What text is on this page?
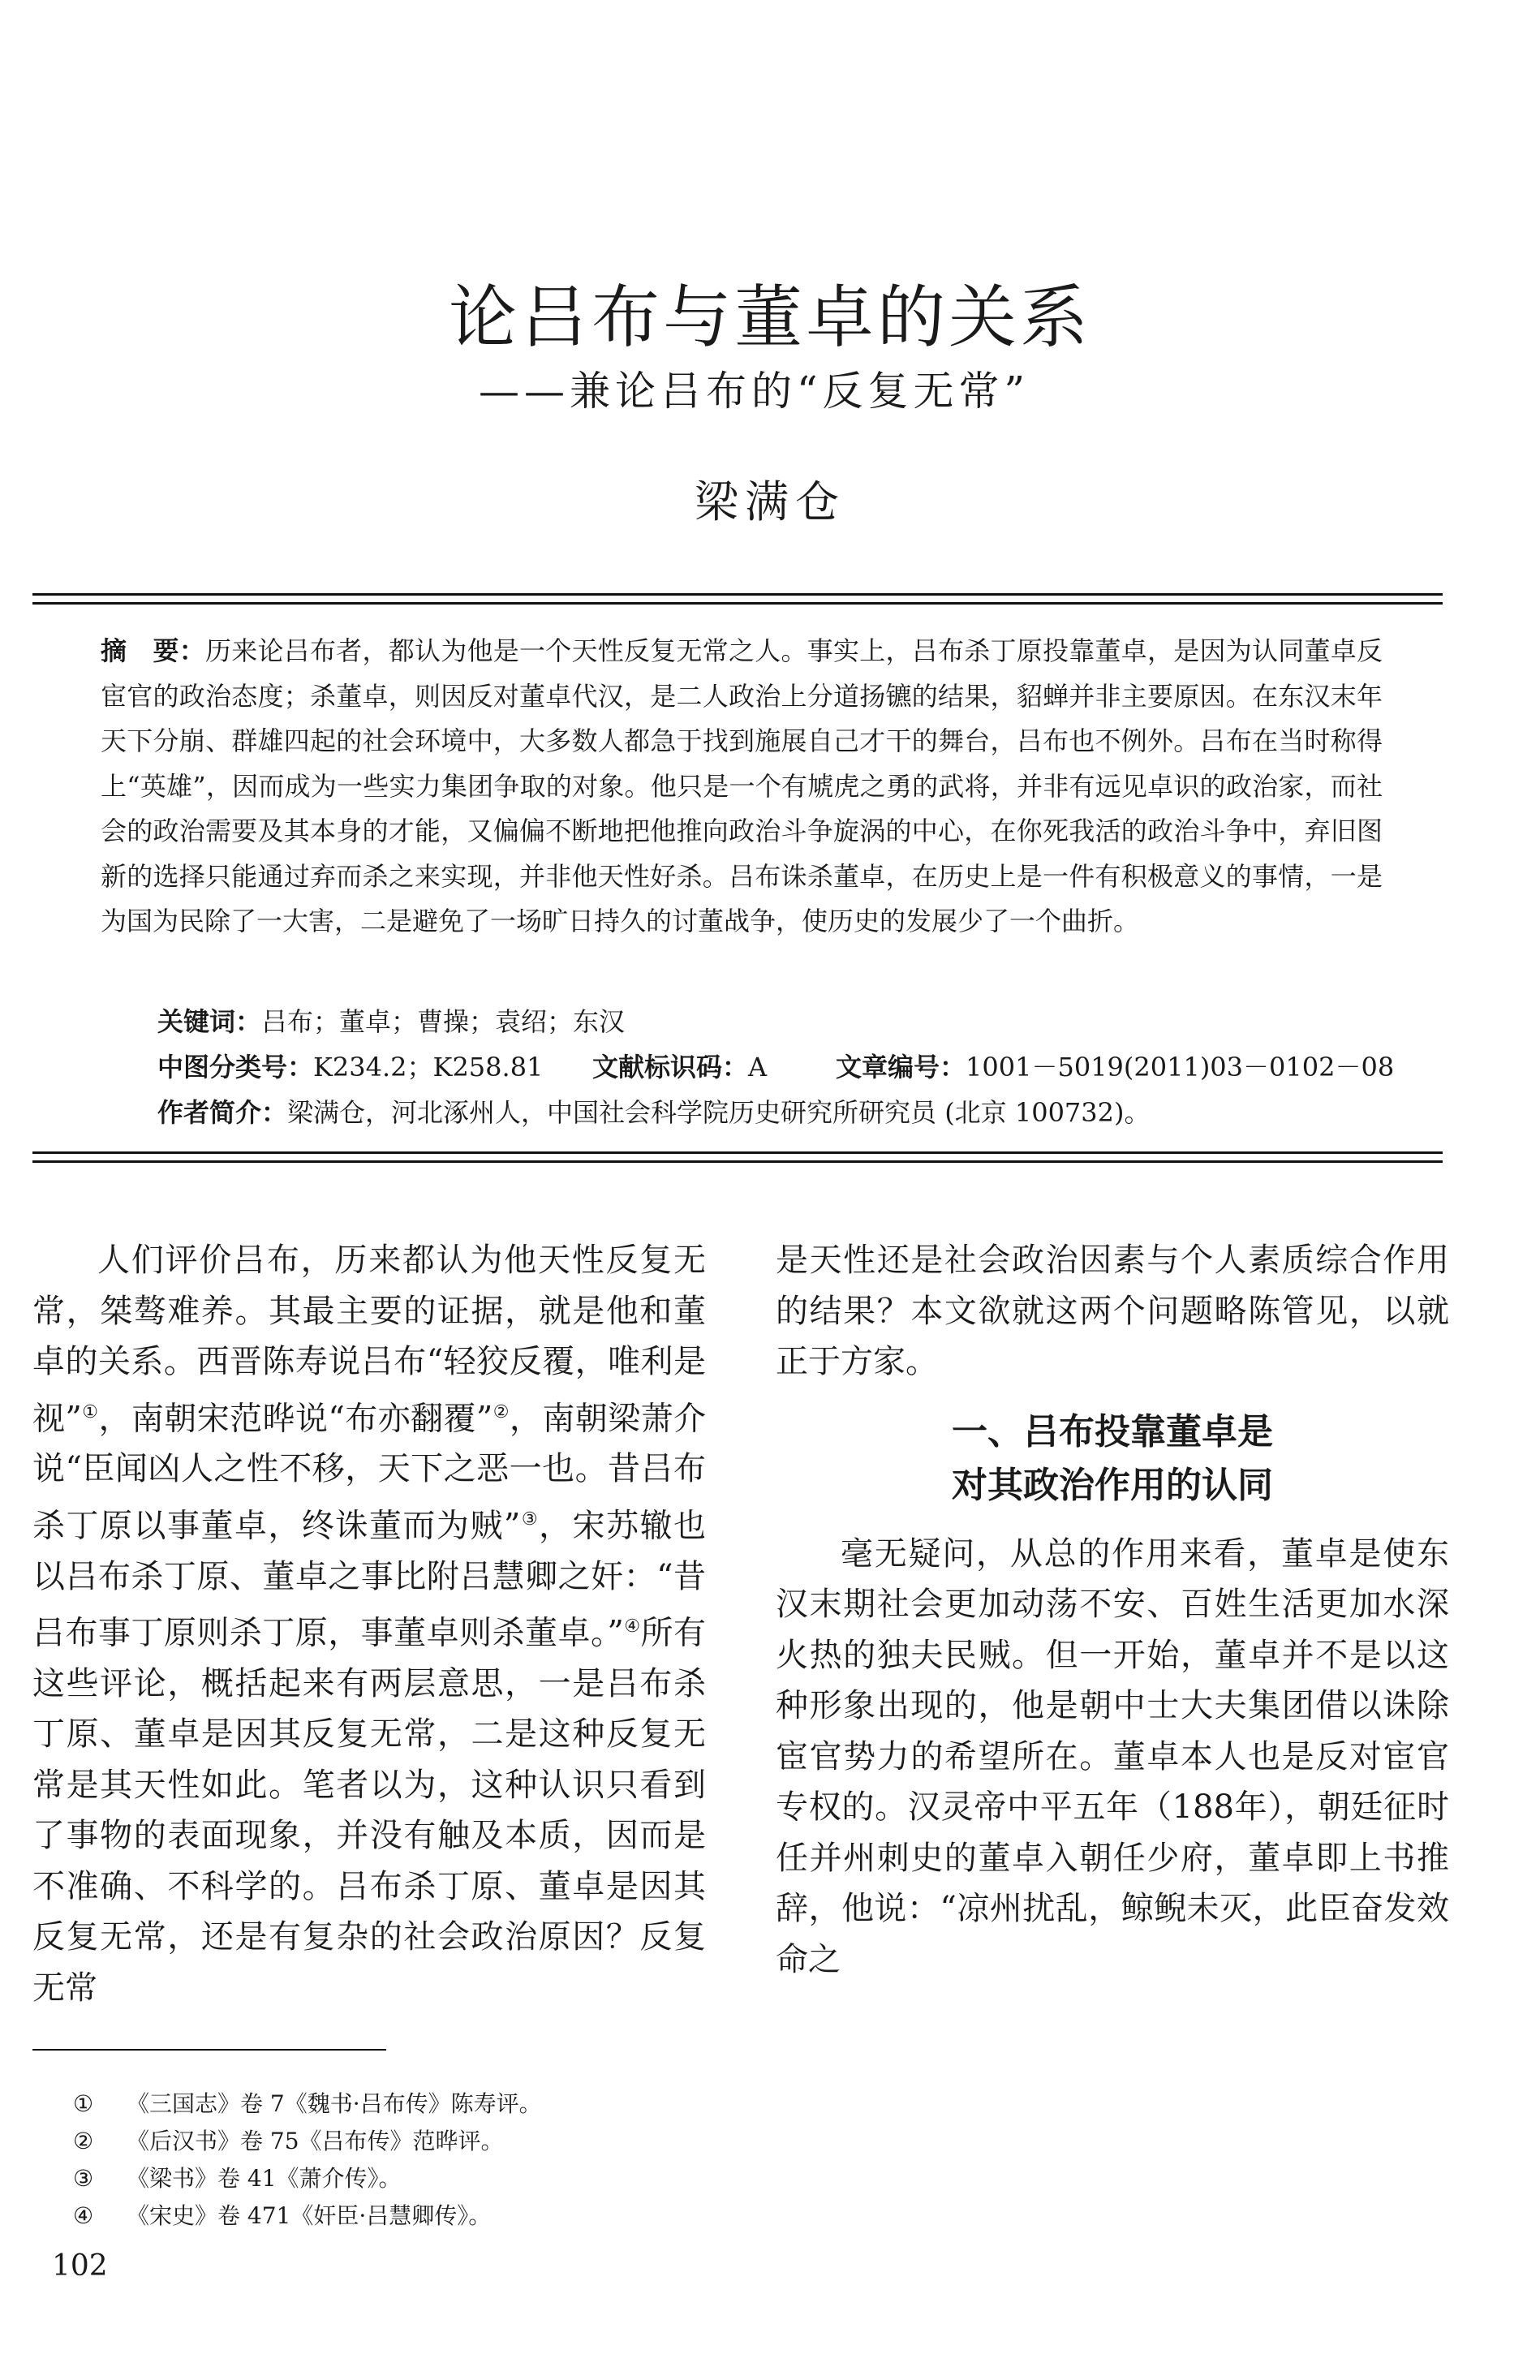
论吕布与董卓的关系
——兼论吕布的“反复无常”
梁满仓

摘　要：历来论吕布者，都认为他是一个天性反复无常之人。事实上，吕布杀丁原投靠董卓，是因为认同董卓反宦官的政治态度；杀董卓，则因反对董卓代汉，是二人政治上分道扬镳的结果，貂蝉并非主要原因。在东汉末年天下分崩、群雄四起的社会环境中，大多数人都急于找到施展自己才干的舞台，吕布也不例外。吕布在当时称得上“英雄”，因而成为一些实力集团争取的对象。他只是一个有虓虎之勇的武将，并非有远见卓识的政治家，而社会的政治需要及其本身的才能，又偏偏不断地把他推向政治斗争旋涡的中心，在你死我活的政治斗争中，弃旧图新的选择只能通过弃而杀之来实现，并非他天性好杀。吕布诛杀董卓，在历史上是一件有积极意义的事情，一是为国为民除了一大害，二是避免了一场旷日持久的讨董战争，使历史的发展少了一个曲折。

关键词：吕布；董卓；曹操；袁绍；东汉
中图分类号：K234.2；K258.81 文献标识码：A	文章编号：1001－5019(2011)03－0102－08
作者简介：梁满仓，河北涿州人，中国社会科学院历史研究所研究员 (北京 100732)。

人们评价吕布，历来都认为他天性反复无常，桀骜难养。其最主要的证据，就是他和董卓的关系。西晋陈寿说吕布“轻狡反覆，唯利是视”①，南朝宋范晔说“布亦翻覆”②，南朝梁萧介说“臣闻凶人之性不移，天下之恶一也。昔吕布杀丁原以事董卓，终诛董而为贼”③，宋苏辙也以吕布杀丁原、董卓之事比附吕慧卿之奸：“昔吕布事丁原则杀丁原，事董卓则杀董卓。”④所有这些评论，概括起来有两层意思，一是吕布杀丁原、董卓是因其反复无常，二是这种反复无常是其天性如此。笔者以为，这种认识只看到了事物的表面现象，并没有触及本质，因而是不准确、不科学的。吕布杀丁原、董卓是因其反复无常，还是有复杂的社会政治原因？反复无常

是天性还是社会政治因素与个人素质综合作用的结果？本文欲就这两个问题略陈管见，以就正于方家。

一、吕布投靠董卓是
对其政治作用的认同

毫无疑问，从总的作用来看，董卓是使东汉末期社会更加动荡不安、百姓生活更加水深火热的独夫民贼。但一开始，董卓并不是以这种形象出现的，他是朝中士大夫集团借以诛除宦官势力的希望所在。董卓本人也是反对宦官专权的。汉灵帝中平五年（188年），朝廷征时任并州刺史的董卓入朝任少府，董卓即上书推辞，他说：“凉州扰乱，鲸鲵未灭，此臣奋发效命之

① 《三国志》卷 7《魏书·吕布传》陈寿评。
② 《后汉书》卷 75《吕布传》范晔评。
③ 《梁书》卷 41《萧介传》。
④ 《宋史》卷 471《奸臣·吕慧卿传》。
102
